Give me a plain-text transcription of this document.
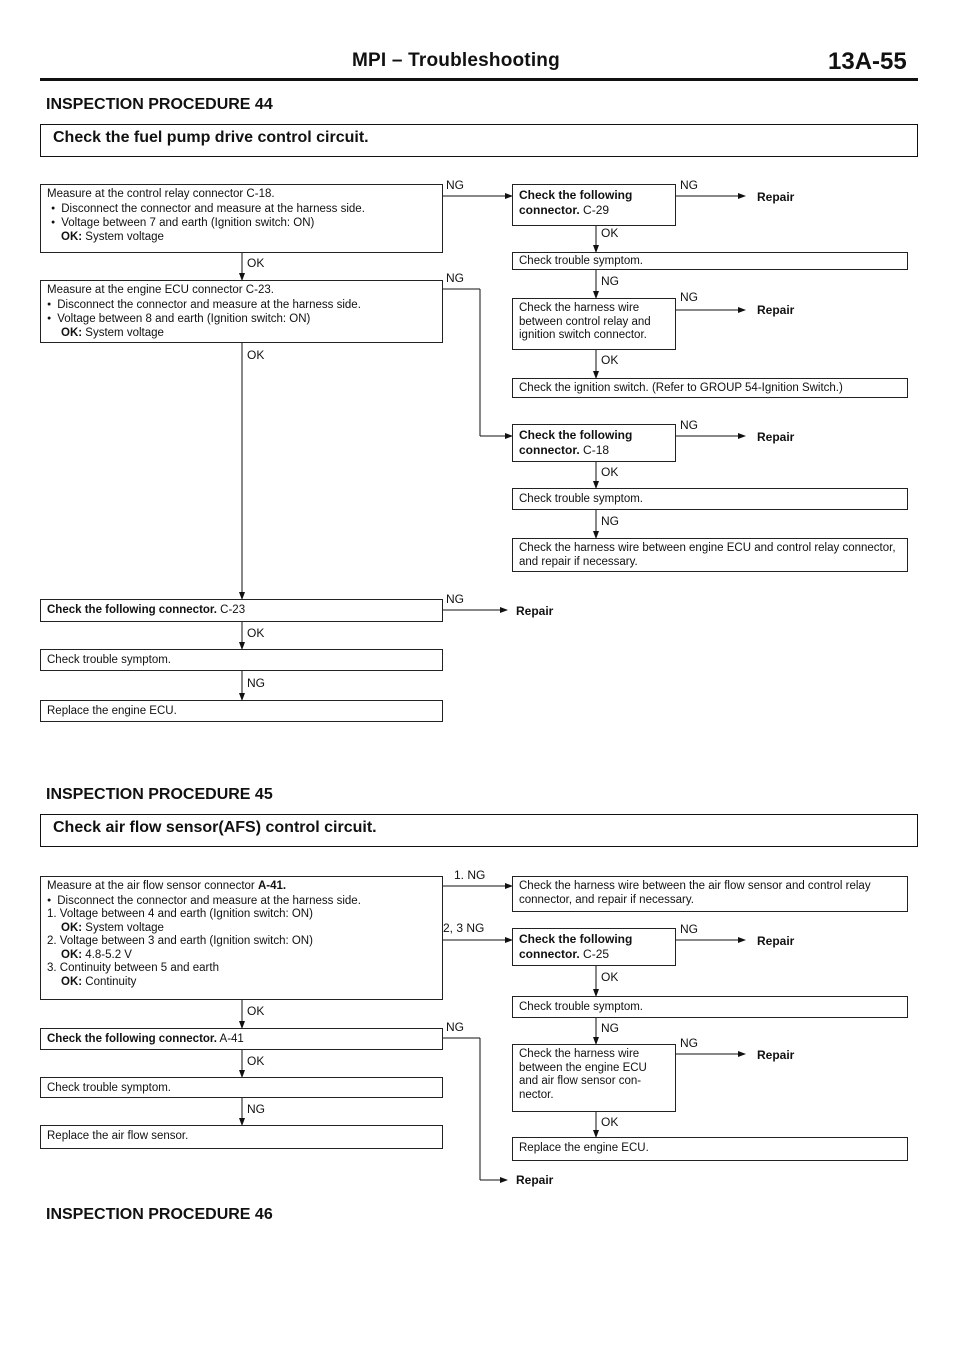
MPI – Troubleshooting	13A-55
INSPECTION PROCEDURE 44
Check the fuel pump drive control circuit.
Measure at the control relay connector C-18.
● Disconnect the connector and measure at the harness side.
● Voltage between 7 and earth (Ignition switch: ON)
OK: System voltage
Measure at the engine ECU connector C-23.
● Disconnect the connector and measure at the harness side.
● Voltage between 8 and earth (Ignition switch: ON)
OK: System voltage
Check the following connector. C-29
Check trouble symptom.
Check the harness wire between control relay and ignition switch connector.
Check the ignition switch. (Refer to GROUP 54-Ignition Switch.)
Check the following connector. C-18
Check trouble symptom.
Check the harness wire between engine ECU and control relay connector, and repair if necessary.
Check the following connector. C-23
Check trouble symptom.
Replace the engine ECU.
NG	NG
Repair
OK
OK
NG	NG
NG
Repair
OK	OK
NG
Repair
OK
NG
NG
Repair
OK
NG
INSPECTION PROCEDURE 45
Check air flow sensor(AFS) control circuit.
Measure at the air flow sensor connector A-41.
● Disconnect the connector and measure at the harness side.
1. Voltage between 4 and earth (Ignition switch: ON)
OK: System voltage
2. Voltage between 3 and earth (Ignition switch: ON)
OK: 4.8-5.2 V
3. Continuity between 5 and earth
OK: Continuity
Check the following connector. A-41
Check trouble symptom.
Replace the air flow sensor.
Check the harness wire between the air flow sensor and control relay connector, and repair if necessary.
Check the following connector. C-25
Check trouble symptom.
Check the harness wire between the engine ECU and air flow sensor con-nector.
Replace the engine ECU.
1. NG
2, 3 NG	NG
Repair
OK
OK
NG	NG
NG
Repair
OK
NG
OK
Repair
INSPECTION PROCEDURE 46
